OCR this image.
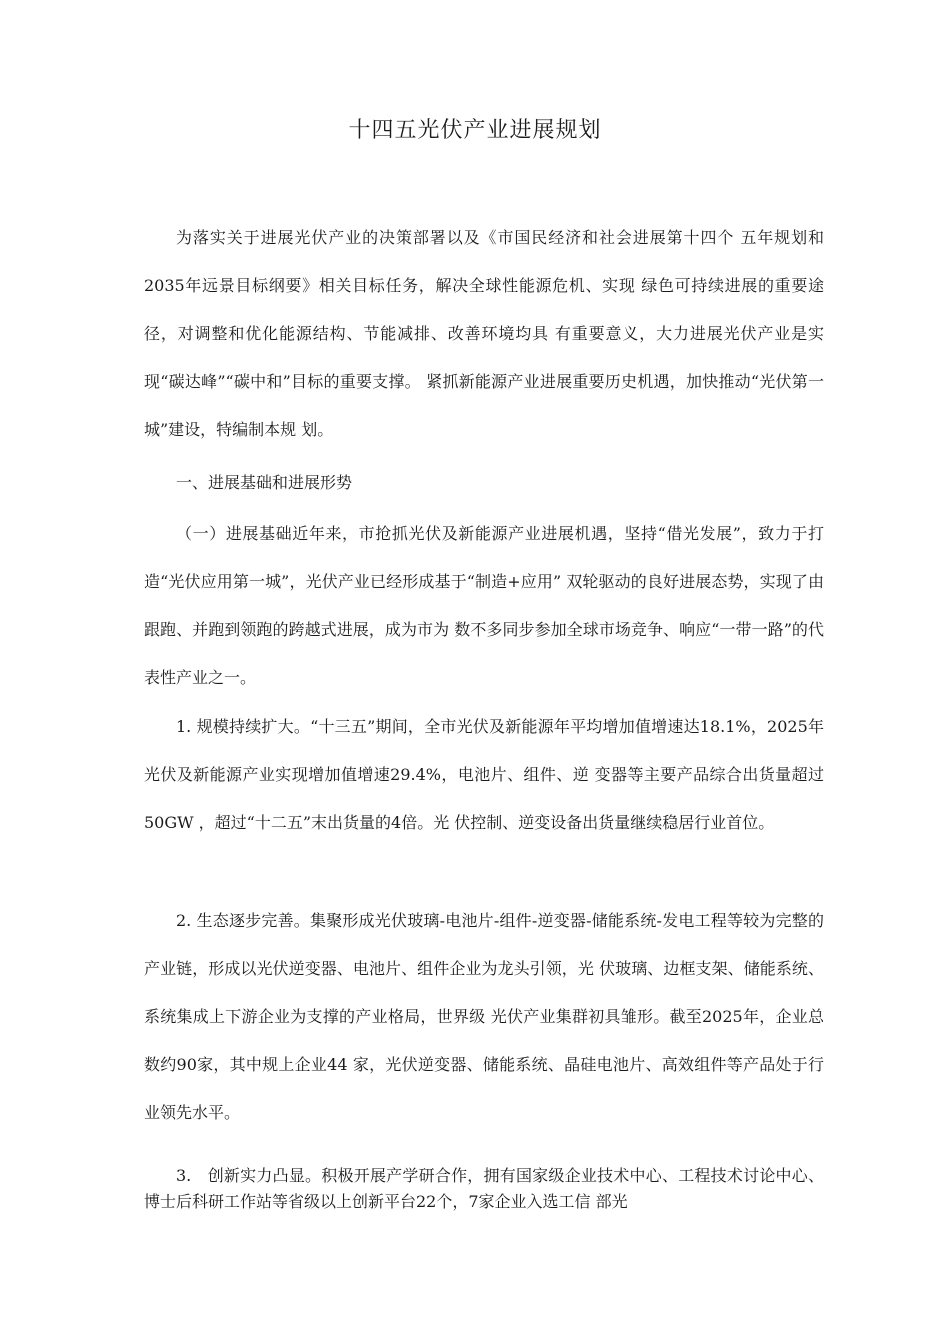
十四五光伏产业进展规划

为落实关于进展光伏产业的决策部署以及《市国民经济和社会进展第十四个 五年规划和2035年远景目标纲要》相关目标任务，解决全球性能源危机、实现 绿色可持续进展的重要途径，对调整和优化能源结构、节能减排、改善环境均具 有重要意义，大力进展光伏产业是实现“碳达峰”“碳中和”目标的重要支撑。 紧抓新能源产业进展重要历史机遇，加快推动“光伏第一城”建设，特编制本规 划。

一、进展基础和进展形势

（一）进展基础近年来，市抢抓光伏及新能源产业进展机遇，坚持“借光发展”，致力于打造“光伏应用第一城”，光伏产业已经形成基于“制造+应用” 双轮驱动的良好进展态势，实现了由跟跑、并跑到领跑的跨越式进展，成为市为 数不多同步参加全球市场竞争、响应“一带一路”的代表性产业之一。

1. 规模持续扩大。“十三五”期间，全市光伏及新能源年平均增加值增速达18.1%，2025年光伏及新能源产业实现增加值增速29.4%，电池片、组件、逆 变器等主要产品综合出货量超过50GW ，超过“十二五”末出货量的4倍。光 伏控制、逆变设备出货量继续稳居行业首位。

2. 生态逐步完善。集聚形成光伏玻璃-电池片-组件-逆变器-储能系统-发电工程等较为完整的产业链，形成以光伏逆变器、电池片、组件企业为龙头引领，光 伏玻璃、边框支架、储能系统、系统集成上下游企业为支撑的产业格局，世界级 光伏产业集群初具雏形。截至2025年，企业总数约90家，其中规上企业44 家，光伏逆变器、储能系统、晶硅电池片、高效组件等产品处于行业领先水平。

3.　创新实力凸显。积极开展产学研合作，拥有国家级企业技术中心、工程技术讨论中心、博士后科研工作站等省级以上创新平台22个，7家企业入选工信 部光
